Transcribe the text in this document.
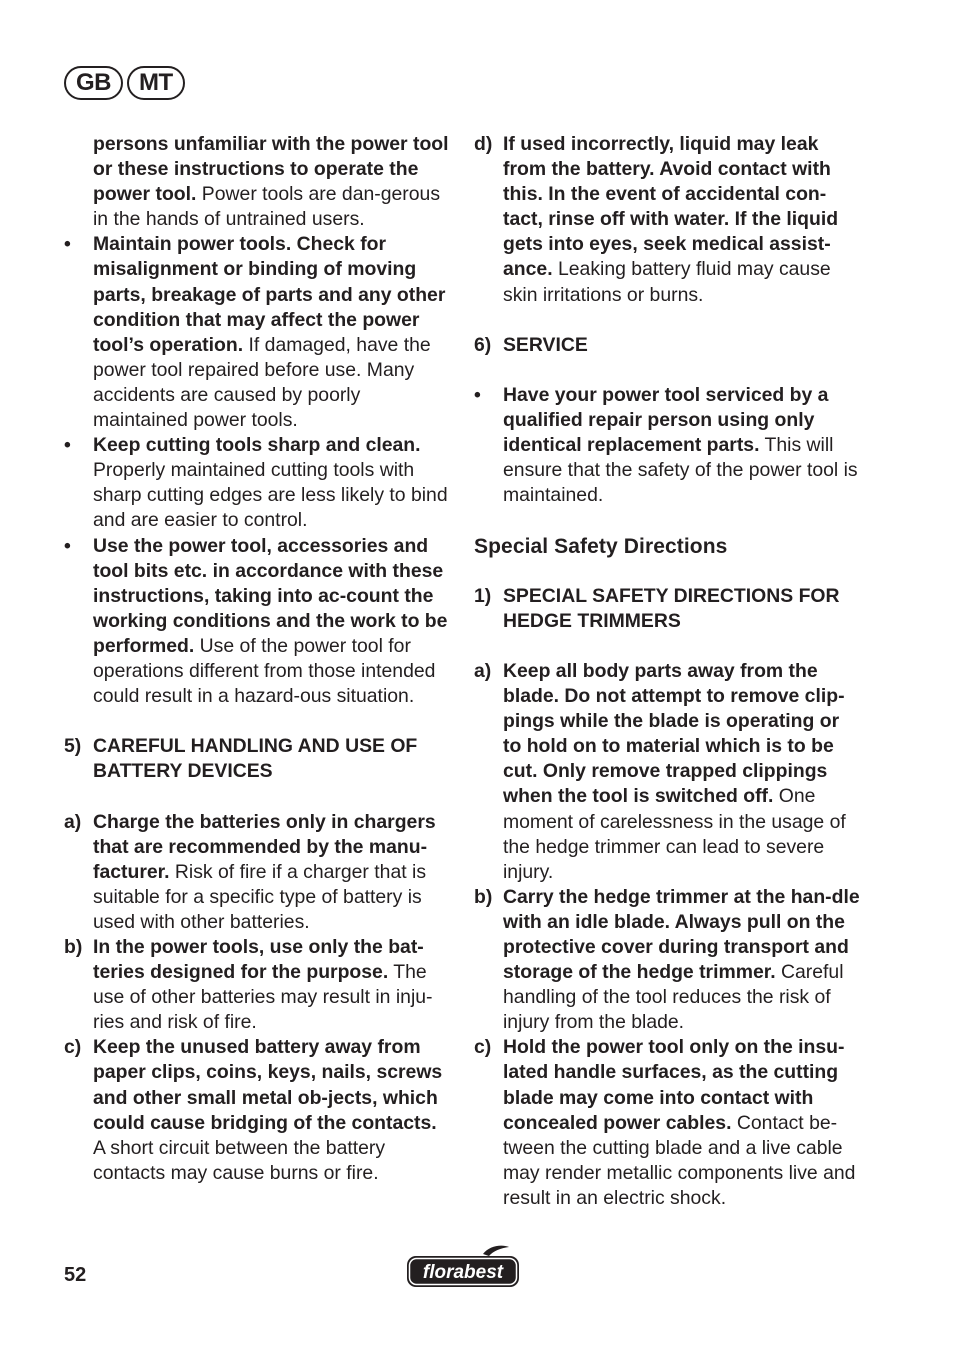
GB	MT
persons unfamiliar with the power tool or these instructions to operate the power tool. Power tools are dan-gerous in the hands of untrained users.
•	Maintain power tools. Check for misalignment or binding of moving parts, breakage of parts and any other condition that may affect the power tool’s operation. If damaged, have the power tool repaired before use. Many accidents are caused by poorly maintained power tools.
•	Keep cutting tools sharp and clean. Properly maintained cutting tools with sharp cutting edges are less likely to bind and are easier to control.
•	Use the power tool, accessories and tool bits etc. in accordance with these instructions, taking into ac-count the working conditions and the work to be performed. Use of the power tool for operations different from those intended could result in a hazard-ous situation.
5) CAREFUL HANDLING AND USE OF BATTERY DEVICES
a) Charge the batteries only in chargers that are recommended by the manu-facturer. Risk of fire if a charger that is suitable for a specific type of battery is used with other batteries.
b) In the power tools, use only the bat-teries designed for the purpose. The use of other batteries may result in inju-ries and risk of fire.
c) Keep the unused battery away from paper clips, coins, keys, nails, screws and other small metal ob-jects, which could cause bridging of the contacts. A short circuit between the battery contacts may cause burns or fire.
d) If used incorrectly, liquid may leak from the battery. Avoid contact with this. In the event of accidental con-tact, rinse off with water. If the liquid gets into eyes, seek medical assist-ance. Leaking battery fluid may cause skin irritations or burns.
6) SERVICE
•	Have your power tool serviced by a qualified repair person using only identical replacement parts. This will ensure that the safety of the power tool is maintained.
Special Safety Directions
1) SPECIAL SAFETY DIRECTIONS FOR HEDGE TRIMMERS
a) Keep all body parts away from the blade. Do not attempt to remove clip-pings while the blade is operating or to hold on to material which is to be cut. Only remove trapped clippings when the tool is switched off. One moment of carelessness in the usage of the hedge trimmer can lead to severe injury.
b) Carry the hedge trimmer at the han-dle with an idle blade. Always pull on the protective cover during transport and storage of the hedge trimmer. Careful handling of the tool reduces the risk of injury from the blade.
c) Hold the power tool only on the insu-lated handle surfaces, as the cutting blade may come into contact with concealed power cables. Contact be-tween the cutting blade and a live cable may render metallic components live and result in an electric shock.
52	florabest
